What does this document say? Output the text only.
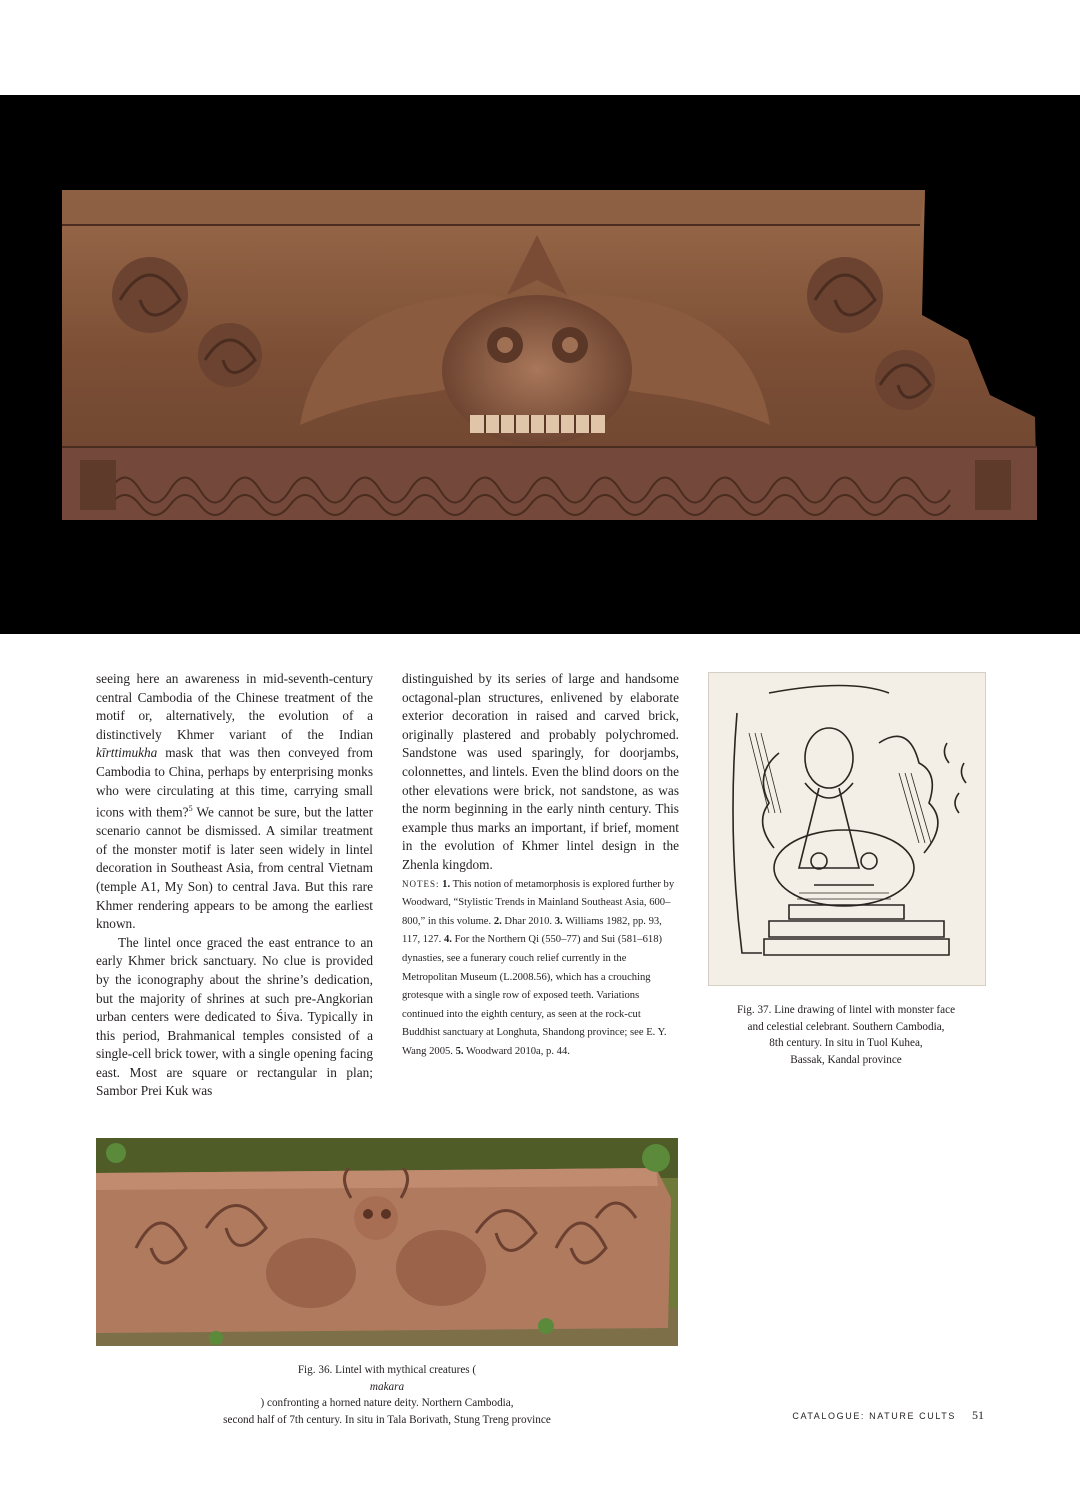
seeing here an awareness in mid-seventh-century central Cambodia of the Chinese treatment of the motif or, alternatively, the evolution of a distinctively Khmer variant of the Indian kīrttimukha mask that was then conveyed from Cambodia to China, perhaps by enterprising monks who were circulating at this time, carrying small icons with them?$^5$ We cannot be sure, but the latter scenario cannot be dismissed. A similar treatment of the monster motif is later seen widely in lintel decoration in Southeast Asia, from central Vietnam (temple A1, My Son) to central Java. But this rare Khmer rendering appears to be among the earliest known.

The lintel once graced the east entrance to an early Khmer brick sanctuary. No clue is provided by the iconography about the shrine’s dedication, but the majority of shrines at such pre-Angkorian urban centers were dedicated to Śiva. Typically in this period, Brahmanical temples consisted of a single-cell brick tower, with a single opening facing east. Most are square or rectangular in plan; Sambor Prei Kuk was

distinguished by its series of large and handsome octagonal-plan structures, enlivened by elaborate exterior decoration in raised and carved brick, originally plastered and probably polychromed. Sandstone was used sparingly, for doorjambs, colonnettes, and lintels. Even the blind doors on the other elevations were brick, not sandstone, as was the norm beginning in the early ninth century. This example thus marks an important, if brief, moment in the evolution of Khmer lintel design in the Zhenla kingdom.

NOTES: 1. This notion of metamorphosis is explored further by Woodward, “Stylistic Trends in Mainland Southeast Asia, 600–800,” in this volume. 2. Dhar 2010. 3. Williams 1982, pp. 93, 117, 127. 4. For the Northern Qi (550–77) and Sui (581–618) dynasties, see a funerary couch relief currently in the Metropolitan Museum (L.2008.56), which has a crouching grotesque with a single row of exposed teeth. Variations continued into the eighth century, as seen at the rock-cut Buddhist sanctuary at Longhuta, Shandong province; see E. Y. Wang 2005. 5. Woodward 2010a, p. 44.

Fig. 37. Line drawing of lintel with monster face
and celestial celebrant. Southern Cambodia,
8th century. In situ in Tuol Kuhea,
Bassak, Kandal province
Fig. 36. Lintel with mythical creatures (
makara
) confronting a horned nature deity. Northern Cambodia,
second half of 7th century. In situ in Tala Borivath, Stung Treng province	CATALOGUE: NATURE CULTS 51
